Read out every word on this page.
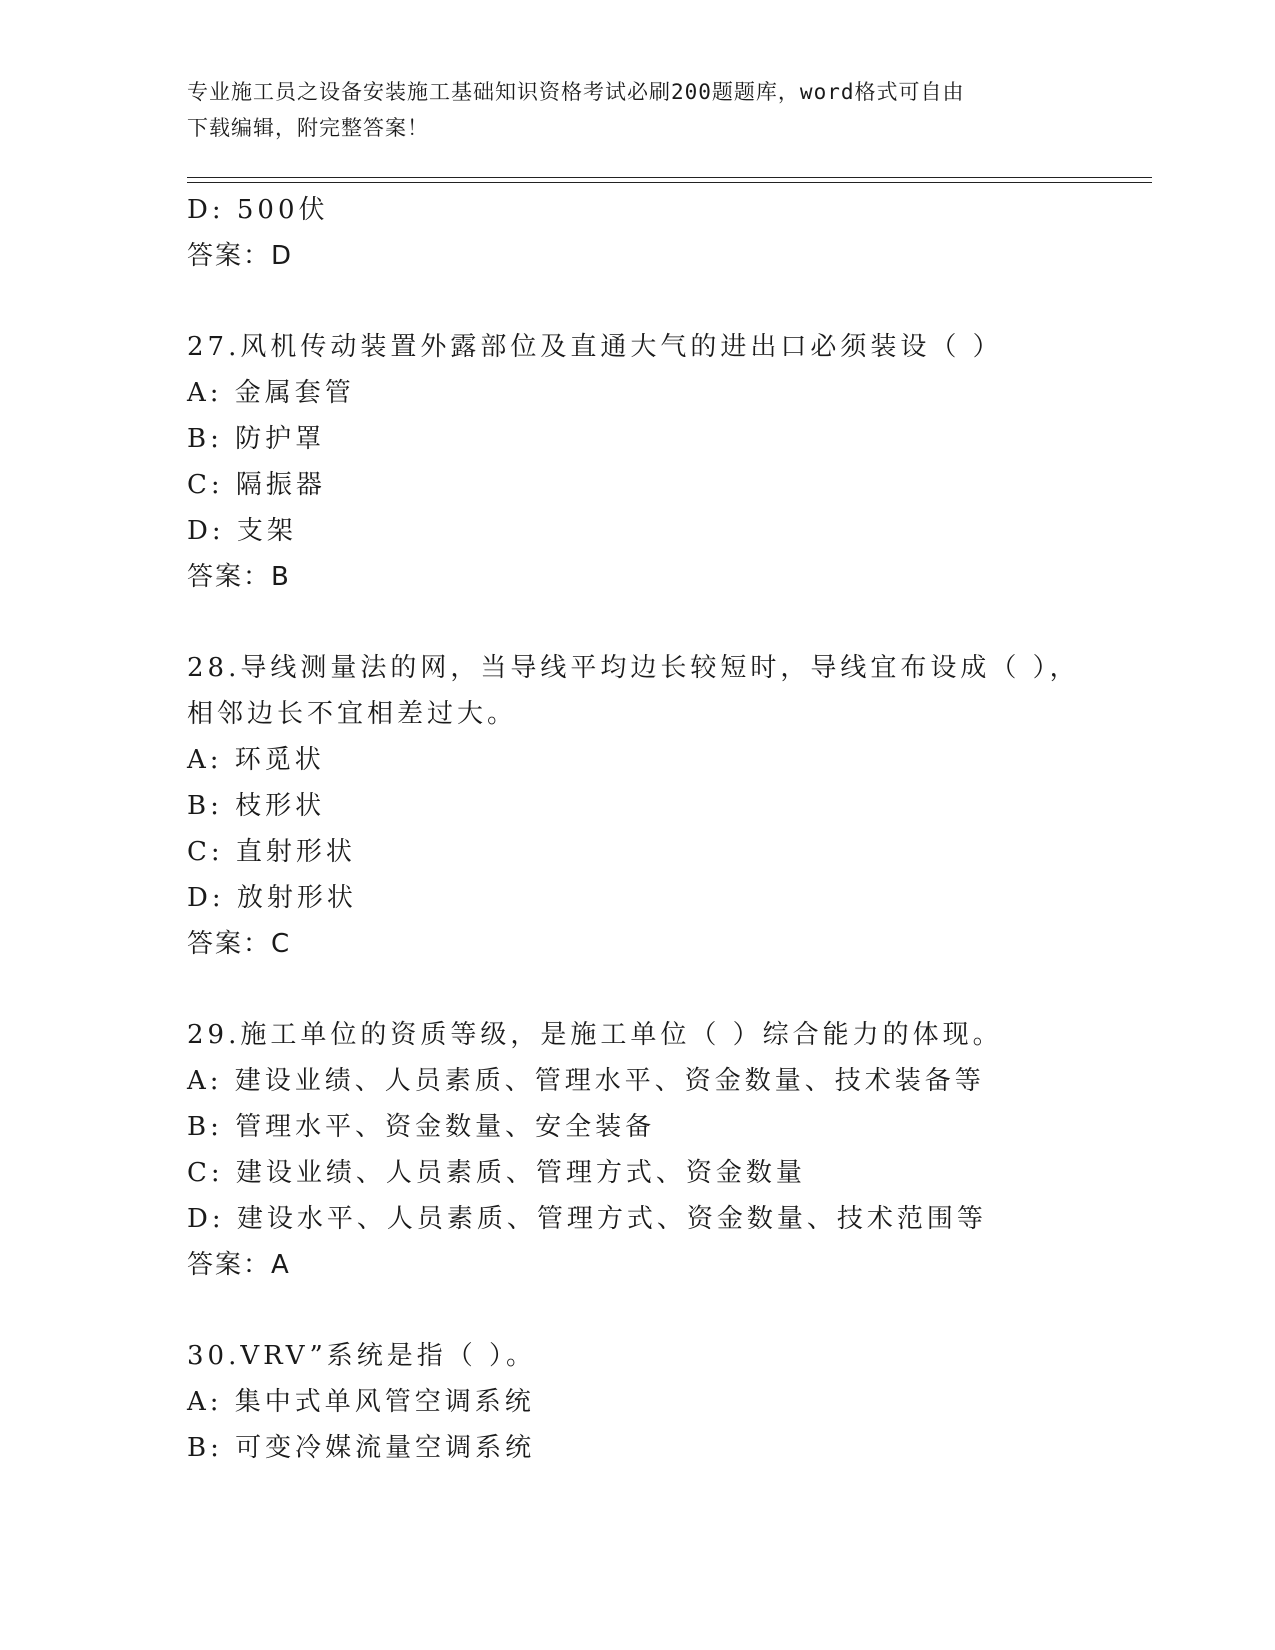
专业施工员之设备安装施工基础知识资格考试必刷200题题库，word格式可自由
下载编辑，附完整答案！
D: 500伏
答案：D
27.风机传动装置外露部位及直通大气的进出口必须装设（ ）
A: 金属套管
B: 防护罩
C: 隔振器
D: 支架
答案：B
28.导线测量法的网，当导线平均边长较短时，导线宜布设成（ ），
相邻边长不宜相差过大。
A: 环觅状
B: 枝形状
C: 直射形状
D: 放射形状
答案：C
29.施工单位的资质等级，是施工单位（ ）综合能力的体现。
A: 建设业绩、人员素质、管理水平、资金数量、技术装备等
B: 管理水平、资金数量、安全装备
C: 建设业绩、人员素质、管理方式、资金数量
D: 建设水平、人员素质、管理方式、资金数量、技术范围等
答案：A
30.VRV”系统是指（ ）。
A: 集中式单风管空调系统
B: 可变冷媒流量空调系统
